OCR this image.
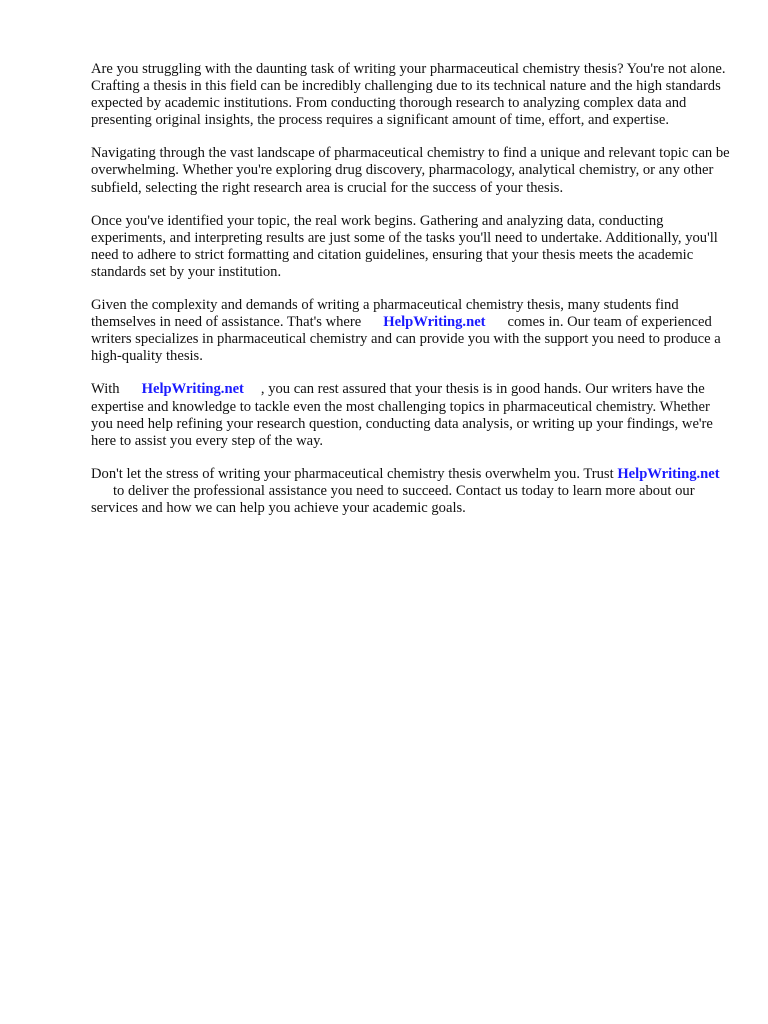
Are you struggling with the daunting task of writing your pharmaceutical chemistry thesis? You're not alone. Crafting a thesis in this field can be incredibly challenging due to its technical nature and the high standards expected by academic institutions. From conducting thorough research to analyzing complex data and presenting original insights, the process requires a significant amount of time, effort, and expertise.

Navigating through the vast landscape of pharmaceutical chemistry to find a unique and relevant topic can be overwhelming. Whether you're exploring drug discovery, pharmacology, analytical chemistry, or any other subfield, selecting the right research area is crucial for the success of your thesis.

Once you've identified your topic, the real work begins. Gathering and analyzing data, conducting experiments, and interpreting results are just some of the tasks you'll need to undertake. Additionally, you'll need to adhere to strict formatting and citation guidelines, ensuring that your thesis meets the academic standards set by your institution.

Given the complexity and demands of writing a pharmaceutical chemistry thesis, many students find themselves in need of assistance. That's where HelpWriting.net comes in. Our team of experienced writers specializes in pharmaceutical chemistry and can provide you with the support you need to produce a high-quality thesis.

With HelpWriting.net , you can rest assured that your thesis is in good hands. Our writers have the expertise and knowledge to tackle even the most challenging topics in pharmaceutical chemistry. Whether you need help refining your research question, conducting data analysis, or writing up your findings, we're here to assist you every step of the way.

Don't let the stress of writing your pharmaceutical chemistry thesis overwhelm you. Trust HelpWriting.netto deliver the professional assistance you need to succeed. Contact us today to learn more about our services and how we can help you achieve your academic goals.
